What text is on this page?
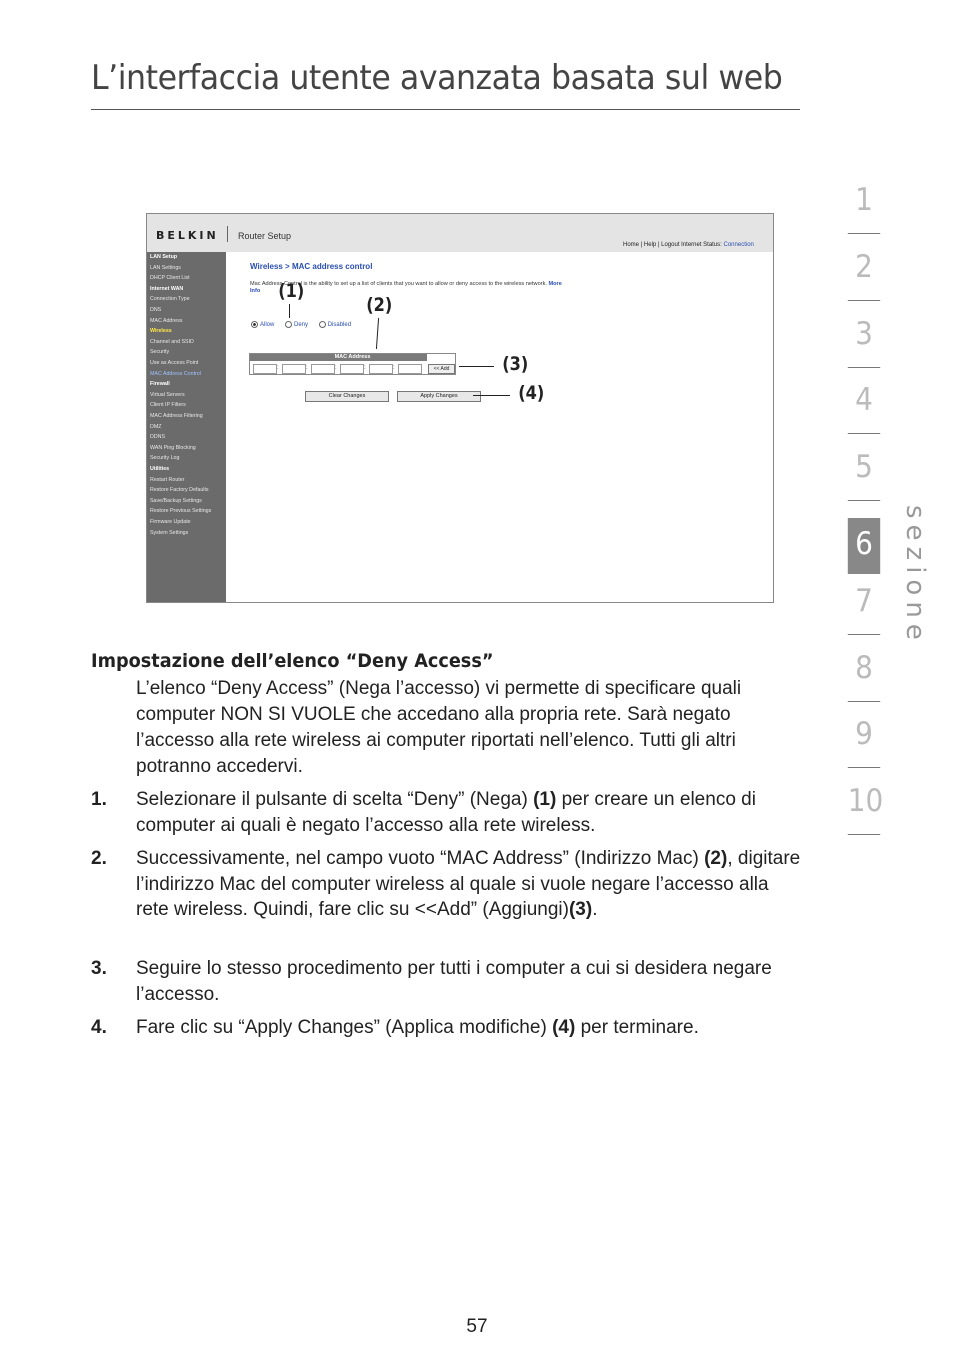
L’interfaccia utente avanzata basata sul web
1
2
3
4
5
6
7
8
9
10
sezione
BELKIN Router Setup
Home | Help | Logout Internet Status: Connection
LAN Setup
LAN Settings
DHCP Client List
Internet WAN
Connection Type
DNS
MAC Address
Wireless
Channel and SSID
Security
Use as Access Point
MAC Address Control
Firewall
Virtual Servers
Client IP Filters
MAC Address Filtering
DMZ
DDNS
WAN Ping Blocking
Security Log
Utilities
Restart Router
Restore Factory Defaults
Save/Backup Settings
Restore Previous Settings
Firmware Update
System Settings
Wireless > MAC address control
Mac Address Control is the ability to set up a list of clients that you want to allow or deny access to the wireless network. More Info
Allow	Deny	Disabled
MAC Address
:	:	:	:	:	<< Add
Clear Changes	Apply Changes
(1)
(2)
(3)
(4)
Impostazione dell’elenco “Deny Access”
L’elenco “Deny Access” (Nega l’accesso) vi permette di specificare quali computer NON SI VUOLE che accedano alla propria rete. Sarà negato l’accesso alla rete wireless ai computer riportati nell’elenco. Tutti gli altri potranno accedervi.
1. Selezionare il pulsante di scelta “Deny” (Nega) (1) per creare un elenco di computer ai quali è negato l’accesso alla rete wireless.
2. Successivamente, nel campo vuoto “MAC Address” (Indirizzo Mac) (2), digitare l’indirizzo Mac del computer wireless al quale si vuole negare l’accesso alla rete wireless. Quindi, fare clic su <<Add” (Aggiungi)(3).
3. Seguire lo stesso procedimento per tutti i computer a cui si desidera negare l’accesso.
4. Fare clic su “Apply Changes” (Applica modifiche) (4) per terminare.
57
